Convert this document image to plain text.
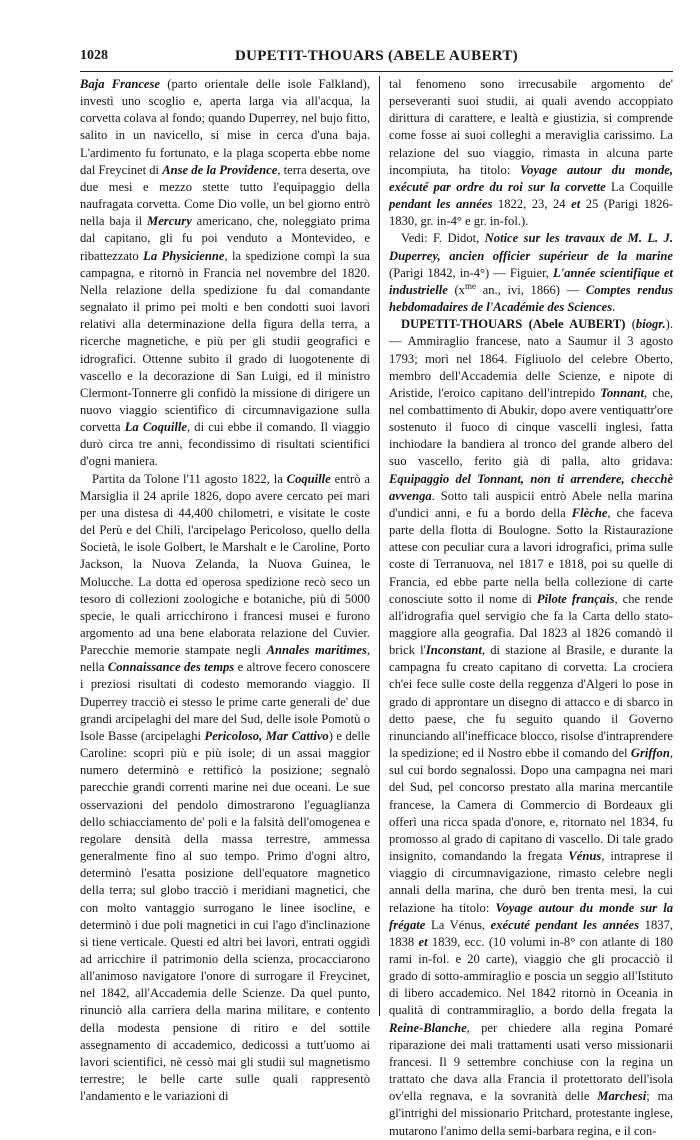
1028	DUPETIT-THOUARS (ABELE AUBERT)

Baja Francese (parto orientale delle isole Falkland), investì uno scoglio e, aperta larga via all'acqua, la corvetta colava al fondo; quando Duperrey, nel bujo fitto, salito in un navicello, si mise in cerca d'una baja. L'ardimento fu fortunato, e la plaga scoperta ebbe nome dal Freycinet di Anse de la Providence, terra deserta, ove due mesi e mezzo stette tutto l'equipaggio della naufragata corvetta. Come Dio volle, un bel giorno entrò nella baja il Mercury americano, che, noleggiato prima dal capitano, gli fu poi venduto a Montevideo, e ribattezzato La Physicienne, la spedizione compì la sua campagna, e ritornò in Francia nel novembre del 1820. Nella relazione della spedizione fu dal comandante segnalato il primo pei molti e ben condotti suoi lavori relativi alla determinazione della figura della terra, a ricerche magnetiche, e più per gli studii geografici e idrografici. Ottenne subito il grado di luogotenente di vascello e la decorazione di San Luigi, ed il ministro Clermont-Tonnerre gli confidò la missione di dirigere un nuovo viaggio scientifico di circumnavigazione sulla corvetta La Coquille, di cui ebbe il comando. Il viaggio durò circa tre anni, fecondissimo di risultati scientifici d'ogni maniera.

Partita da Tolone l'11 agosto 1822, la Coquille entrò a Marsiglia il 24 aprile 1826, dopo avere cercato pei mari per una distesa di 44,400 chilometri, e visitate le coste del Perù e del Chilì, l'arcipelago Pericoloso, quello della Società, le isole Golbert, le Marshalt e le Caroline, Porto Jackson, la Nuova Zelanda, la Nuova Guinea, le Molucche. La dotta ed operosa spedizione recò seco un tesoro di collezioni zoologiche e botaniche, più di 5000 specie, le quali arricchirono i francesi musei e furono argomento ad una bene elaborata relazione del Cuvier. Parecchie memorie stampate negli Annales maritimes, nella Connaissance des temps e altrove fecero conoscere i preziosi risultati di codesto memorando viaggio. Il Duperrey tracciò ei stesso le prime carte generali de' due grandi arcipelaghi del mare del Sud, delle isole Pomotù o Isole Basse (arcipelaghi Pericoloso, Mar Cattivo) e delle Caroline: scoprì più e più isole; di un assai maggior numero determinò e rettificò la posizione; segnalò parecchie grandi correnti marine nei due oceani. Le sue osservazioni del pendolo dimostrarono l'eguaglianza dello schiacciamento de' poli e la falsità dell'omogenea e regolare densità della massa terrestre, ammessa generalmente fino al suo tempo. Primo d'ogni altro, determinò l'esatta posizione dell'equatore magnetico della terra; sul globo tracciò i meridiani magnetici, che con molto vantaggio surrogano le linee isocline, e determinò i due poli magnetici in cui l'ago d'inclinazione si tiene verticale. Questi ed altri bei lavori, entrati oggidì ad arricchire il patrimonio della scienza, procacciarono all'animoso navigatore l'onore di surrogare il Freycinet, nel 1842, all'Accademia delle Scienze. Da quel punto, rinunciò alla carriera della marina militare, e contento della modesta pensione di ritiro e del sottile assegnamento di accademico, dedicossi a tutt'uomo ai lavori scientifici, nè cessò mai gli studii sul magnetismo terrestre; le belle carte sulle quali rappresentò l'andamento e le variazioni di

tal fenomeno sono irrecusabile argomento de' perseveranti suoi studii, ai quali avendo accoppiato dirittura di carattere, e lealtà e giustizia, si comprende come fosse ai suoi colleghi a meraviglia carissimo. La relazione del suo viaggio, rimasta in alcuna parte incompiuta, ha titolo: Voyage autour du monde, exécuté par ordre du roi sur la corvette La Coquille pendant les années 1822, 23, 24 et 25 (Parigi 1826-1830, gr. in-4° e gr. in-fol.).

Vedi: F. Didot, Notice sur les travaux de M. L. J. Duperrey, ancien officier supérieur de la marine (Parigi 1842, in-4°) — Figuier, L'année scientifique et industrielle ($x^{me}$ an., ivi, 1866) — Comptes rendus hebdomadaires de l'Académie des Sciences.

DUPETIT-THOUARS (Abele AUBERT) (biogr.). — Ammiraglio francese, nato a Saumur il 3 agosto 1793; morì nel 1864. Figliuolo del celebre Oberto, membro dell'Accademia delle Scienze, e nipote di Aristide, l'eroico capitano dell'intrepido Tonnant, che, nel combattimento di Abukir, dopo avere ventiquattr'ore sostenuto il fuoco di cinque vascelli inglesi, fatta inchiodare la bandiera al tronco del grande albero del suo vascello, ferito già di palla, alto gridava: Equipaggio del Tonnant, non ti arrendere, checchè avvenga. Sotto tali auspicii entrò Abele nella marina d'undici anni, e fu a bordo della Flèche, che faceva parte della flotta di Boulogne. Sotto la Ristaurazione attese con peculiar cura a lavori idrografici, prima sulle coste di Terranuova, nel 1817 e 1818, poi su quelle di Francia, ed ebbe parte nella bella collezione di carte conosciute sotto il nome di Pilote français, che rende all'idrografia quel servigio che fa la Carta dello stato-maggiore alla geografia. Dal 1823 al 1826 comandò il brick l'Inconstant, di stazione al Brasile, e durante la campagna fu creato capitano di corvetta. La crociera ch'ei fece sulle coste della reggenza d'Algeri lo pose in grado di approntare un disegno di attacco e di sbarco in detto paese, che fu seguito quando il Governo rinunciando all'inefficace blocco, risolse d'intraprendere la spedizione; ed il Nostro ebbe il comando del Griffon, sul cui bordo segnalossi. Dopo una campagna nei mari del Sud, pel concorso prestato alla marina mercantile francese, la Camera di Commercio di Bordeaux gli offerì una ricca spada d'onore, e, ritornato nel 1834, fu promosso al grado di capitano di vascello. Di tale grado insignito, comandando la fregata Vénus, intraprese il viaggio di circumnavigazione, rimasto celebre negli annali della marina, che durò ben trenta mesi, la cui relazione ha titolo: Voyage autour du monde sur la frégate La Vénus, exécuté pendant les années 1837, 1838 et 1839, ecc. (10 volumi in-8° con atlante di 180 rami in-fol. e 20 carte), viaggio che gli procacciò il grado di sotto-ammiraglio e poscia un seggio all'Istituto di libero accademico. Nel 1842 ritornò in Oceania in qualità di contrammiraglio, a bordo della fregata la Reine-Blanche, per chiedere alla regina Pomaré riparazione dei mali trattamenti usati verso missionarii francesi. Il 9 settembre conchiuse con la regina un trattato che dava alla Francia il protettorato dell'isola ov'ella regnava, e la sovranità delle Marchesi; ma gl'intrighi del missionario Pritchard, protestante inglese, mutarono l'animo della semi-barbara regina, e il con-
